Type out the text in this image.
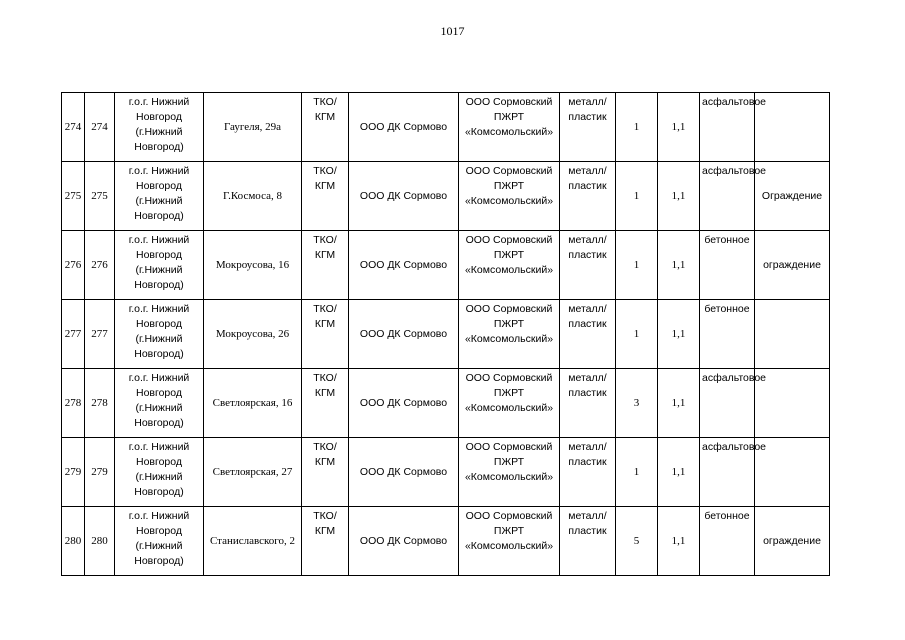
1017
274	274	г.о.г. Нижний Новгород (г.Нижний Новгород)	Гаугеля, 29а	ТКО/КГМ	ООО ДК Сормово	ООО Сормовский ПЖРТ «Комсомольский»	металл/пластик	1	1,1	асфальтовое	
275	275	г.о.г. Нижний Новгород (г.Нижний Новгород)	Г.Космоса, 8	ТКО/КГМ	ООО ДК Сормово	ООО Сормовский ПЖРТ «Комсомольский»	металл/пластик	1	1,1	асфальтовое	Ограждение
276	276	г.о.г. Нижний Новгород (г.Нижний Новгород)	Мокроусова, 16	ТКО/КГМ	ООО ДК Сормово	ООО Сормовский ПЖРТ «Комсомольский»	металл/пластик	1	1,1	бетонное	ограждение
277	277	г.о.г. Нижний Новгород (г.Нижний Новгород)	Мокроусова, 26	ТКО/КГМ	ООО ДК Сормово	ООО Сормовский ПЖРТ «Комсомольский»	металл/пластик	1	1,1	бетонное	
278	278	г.о.г. Нижний Новгород (г.Нижний Новгород)	Светлоярская, 16	ТКО/КГМ	ООО ДК Сормово	ООО Сормовский ПЖРТ «Комсомольский»	металл/пластик	3	1,1	асфальтовое	
279	279	г.о.г. Нижний Новгород (г.Нижний Новгород)	Светлоярская, 27	ТКО/КГМ	ООО ДК Сормово	ООО Сормовский ПЖРТ «Комсомольский»	металл/пластик	1	1,1	асфальтовое	
280	280	г.о.г. Нижний Новгород (г.Нижний Новгород)	Станиславского, 2	ТКО/КГМ	ООО ДК Сормово	ООО Сормовский ПЖРТ «Комсомольский»	металл/пластик	5	1,1	бетонное	ограждение
